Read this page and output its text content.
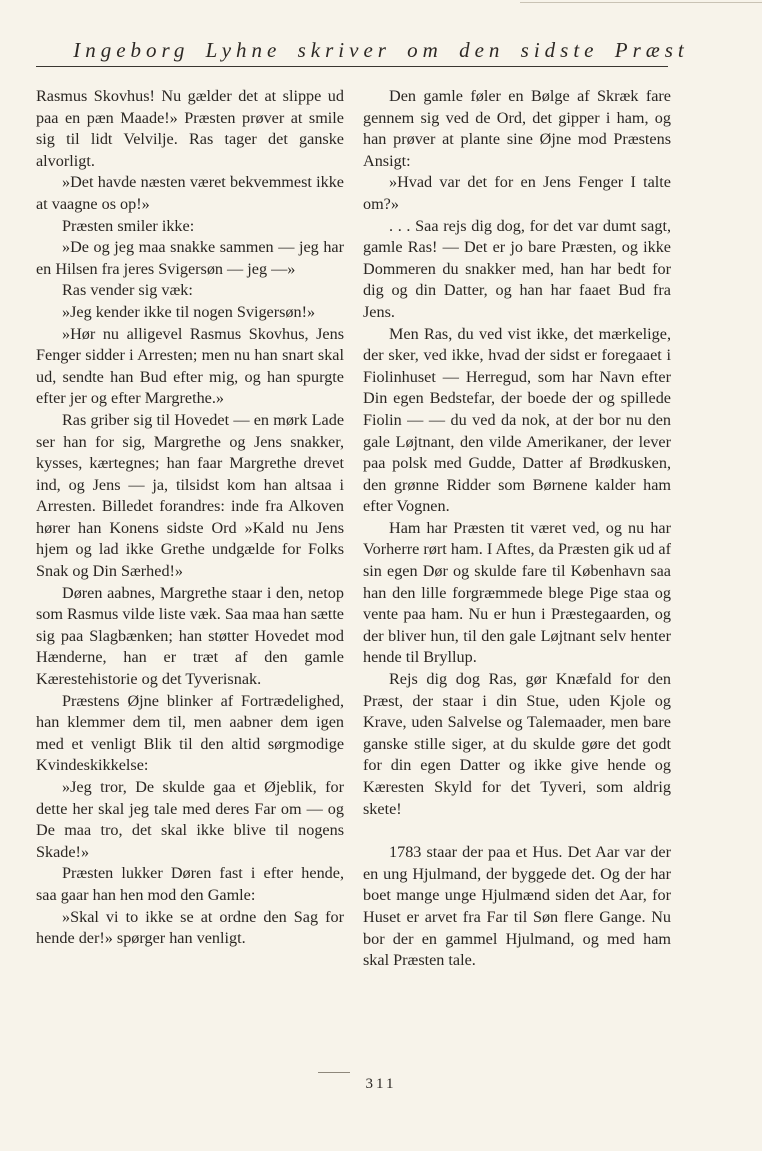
Ingeborg Lyhne skriver om den sidste Præst

Rasmus Skovhus! Nu gælder det at slippe ud paa en pæn Maade!» Præsten prøver at smile sig til lidt Velvilje. Ras tager det ganske alvorligt.

»Det havde næsten været bekvemmest ikke at vaagne os op!»

Præsten smiler ikke:

»De og jeg maa snakke sammen — jeg har en Hilsen fra jeres Svigersøn — jeg —»

Ras vender sig væk:

»Jeg kender ikke til nogen Svigersøn!»

»Hør nu alligevel Rasmus Skovhus, Jens Fenger sidder i Arresten; men nu han snart skal ud, sendte han Bud efter mig, og han spurgte efter jer og efter Margrethe.»

Ras griber sig til Hovedet — en mørk Lade ser han for sig, Margrethe og Jens snakker, kysses, kærtegnes; han faar Margrethe drevet ind, og Jens — ja, tilsidst kom han altsaa i Arresten. Billedet forandres: inde fra Alkoven hører han Konens sidste Ord »Kald nu Jens hjem og lad ikke Grethe undgælde for Folks Snak og Din Særhed!»

Døren aabnes, Margrethe staar i den, netop som Rasmus vilde liste væk. Saa maa han sætte sig paa Slagbænken; han støtter Hovedet mod Hænderne, han er træt af den gamle Kærestehistorie og det Tyverisnak.

Præstens Øjne blinker af Fortrædelighed, han klemmer dem til, men aabner dem igen med et venligt Blik til den altid sørgmodige Kvindeskikkelse:

»Jeg tror, De skulde gaa et Øjeblik, for dette her skal jeg tale med deres Far om — og De maa tro, det skal ikke blive til nogens Skade!»

Præsten lukker Døren fast i efter hende, saa gaar han hen mod den Gamle:

»Skal vi to ikke se at ordne den Sag for hende der!» spørger han venligt.

Den gamle føler en Bølge af Skræk fare gennem sig ved de Ord, det gipper i ham, og han prøver at plante sine Øjne mod Præstens Ansigt:

»Hvad var det for en Jens Fenger I talte om?»

. . . Saa rejs dig dog, for det var dumt sagt, gamle Ras! — Det er jo bare Præsten, og ikke Dommeren du snakker med, han har bedt for dig og din Datter, og han har faaet Bud fra Jens.

Men Ras, du ved vist ikke, det mærkelige, der sker, ved ikke, hvad der sidst er foregaaet i Fiolinhuset — Herregud, som har Navn efter Din egen Bedstefar, der boede der og spillede Fiolin — — du ved da nok, at der bor nu den gale Løjtnant, den vilde Amerikaner, der lever paa polsk med Gudde, Datter af Brødkusken, den grønne Ridder som Børnene kalder ham efter Vognen.

Ham har Præsten tit været ved, og nu har Vorherre rørt ham. I Aftes, da Præsten gik ud af sin egen Dør og skulde fare til København saa han den lille forgræmmede blege Pige staa og vente paa ham. Nu er hun i Præstegaarden, og der bliver hun, til den gale Løjtnant selv henter hende til Bryllup.

Rejs dig dog Ras, gør Knæfald for den Præst, der staar i din Stue, uden Kjole og Krave, uden Salvelse og Talemaader, men bare ganske stille siger, at du skulde gøre det godt for din egen Datter og ikke give hende og Kæresten Skyld for det Tyveri, som aldrig skete!

1783 staar der paa et Hus. Det Aar var der en ung Hjulmand, der byggede det. Og der har boet mange unge Hjulmænd siden det Aar, for Huset er arvet fra Far til Søn flere Gange. Nu bor der en gammel Hjulmand, og med ham skal Præsten tale.

311
